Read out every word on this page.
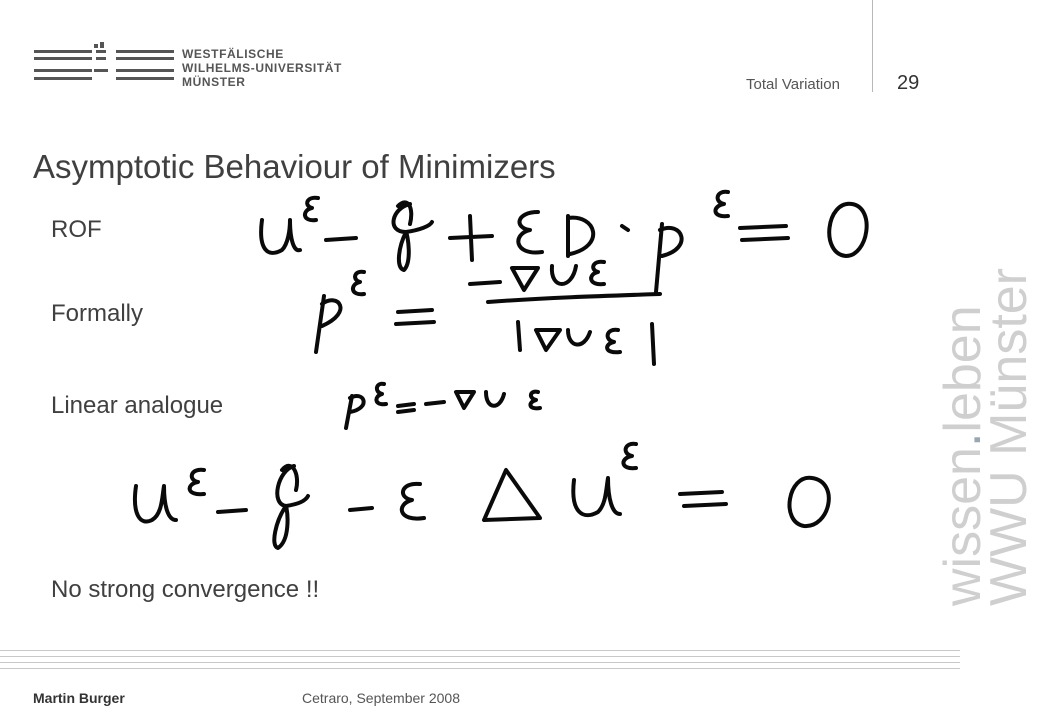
WESTFÄLISCHE
WILHELMS-UNIVERSITÄT
MÜNSTER	Total Variation	29
Asymptotic Behaviour of Minimizers
ROF
Formally
Linear analogue
No strong convergence !!
Martin Burger	Cetraro, September 2008
wissen.leben
WWU Münster
